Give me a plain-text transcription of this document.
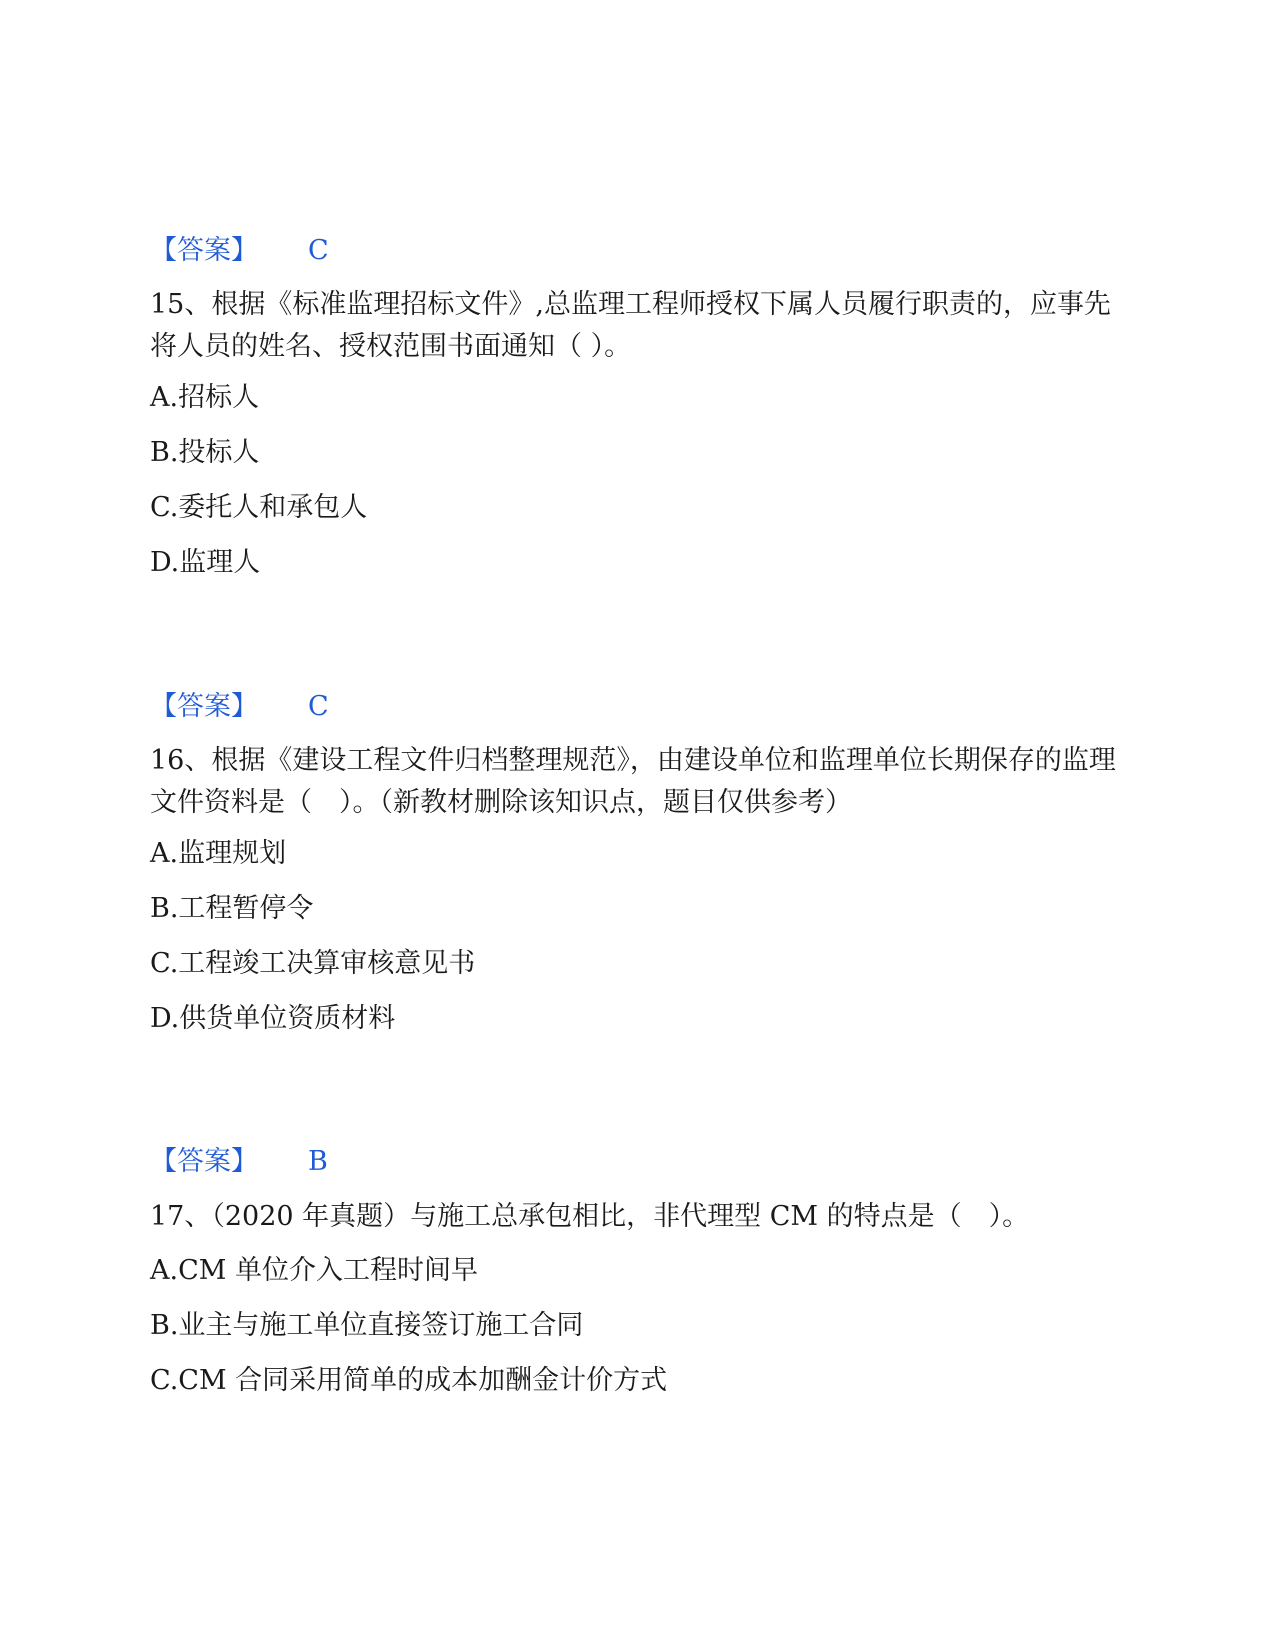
【答案】 C
15、根据《标准监理招标文件》,总监理工程师授权下属人员履行职责的，应事先将人员的姓名、授权范围书面通知（ ）。
A.招标人
B.投标人
C.委托人和承包人
D.监理人
【答案】 C
16、根据《建设工程文件归档整理规范》，由建设单位和监理单位长期保存的监理文件资料是（　）。（新教材删除该知识点，题目仅供参考）
A.监理规划
B.工程暂停令
C.工程竣工决算审核意见书
D.供货单位资质材料
【答案】 B
17、（2020 年真题）与施工总承包相比，非代理型 CM 的特点是（　）。
A.CM 单位介入工程时间早
B.业主与施工单位直接签订施工合同
C.CM 合同采用简单的成本加酬金计价方式
